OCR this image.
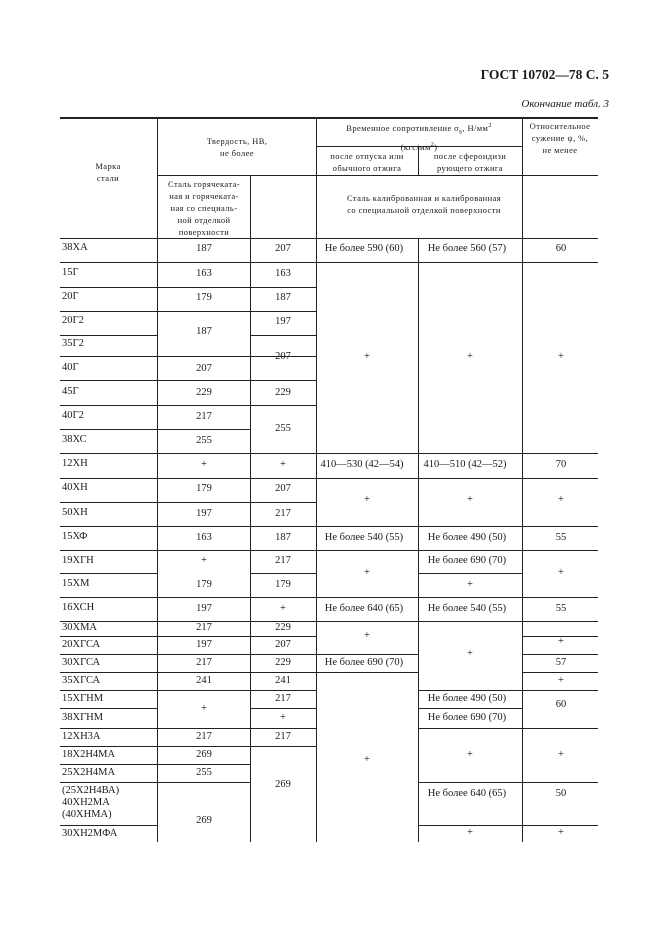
ГОСТ 10702—78 С. 5
Окончание табл. 3
Марка
стали
Твердость, НВ,
не более
Временное сопротивление $\sigma_в$, $Н/мм^2$
$(кгс/мм^2)$
после отпуска или
обычного отжига
после сфероидизи
рующего отжига
Относительное
сужение ψ, %,
не менее
Сталь горячеката-
ная и горячеката-
ная со специаль-
ной отделкой
поверхности
Сталь калиброванная и калиброванная
со специальной отделкой поверхности
38ХА
15Г
20Г
20Г2
35Г2
40Г
45Г
40Г2
38ХС
12ХН
40ХН
50ХН
15ХФ
19ХГН
15ХМ
16ХСН
30ХМА
20ХГСА
30ХГСА
35ХГСА
15ХГНМ
38ХГНМ
12ХН3А
18Х2Н4МА
25Х2Н4МА
(25Х2Н4ВА)
40ХН2МА
(40ХНМА)
30ХН2МФА
187
163
179
187
207
229
217
255
+
179
197
163
+
179
197
217
197
217
241
+
217
269
255
269
207
163
187
197
207
229
255
+
207
217
187
217
179
+
229
207
229
241
217
+
217
269
Не более 590 (60)
+
410—530 (42—54)
+
Не более 540 (55)
+
Не более 640 (65)
+
Не более 690 (70)
+
Не более 560 (57)
+
410—510 (42—52)
+
Не более 490 (50)
Не более 690 (70)
+
Не более 540 (55)
+
Не более 490 (50)
Не более 690 (70)
+
Не более 640 (65)
+
60
+
70
+
55
+
55
+
57
+
60
+
50
+
